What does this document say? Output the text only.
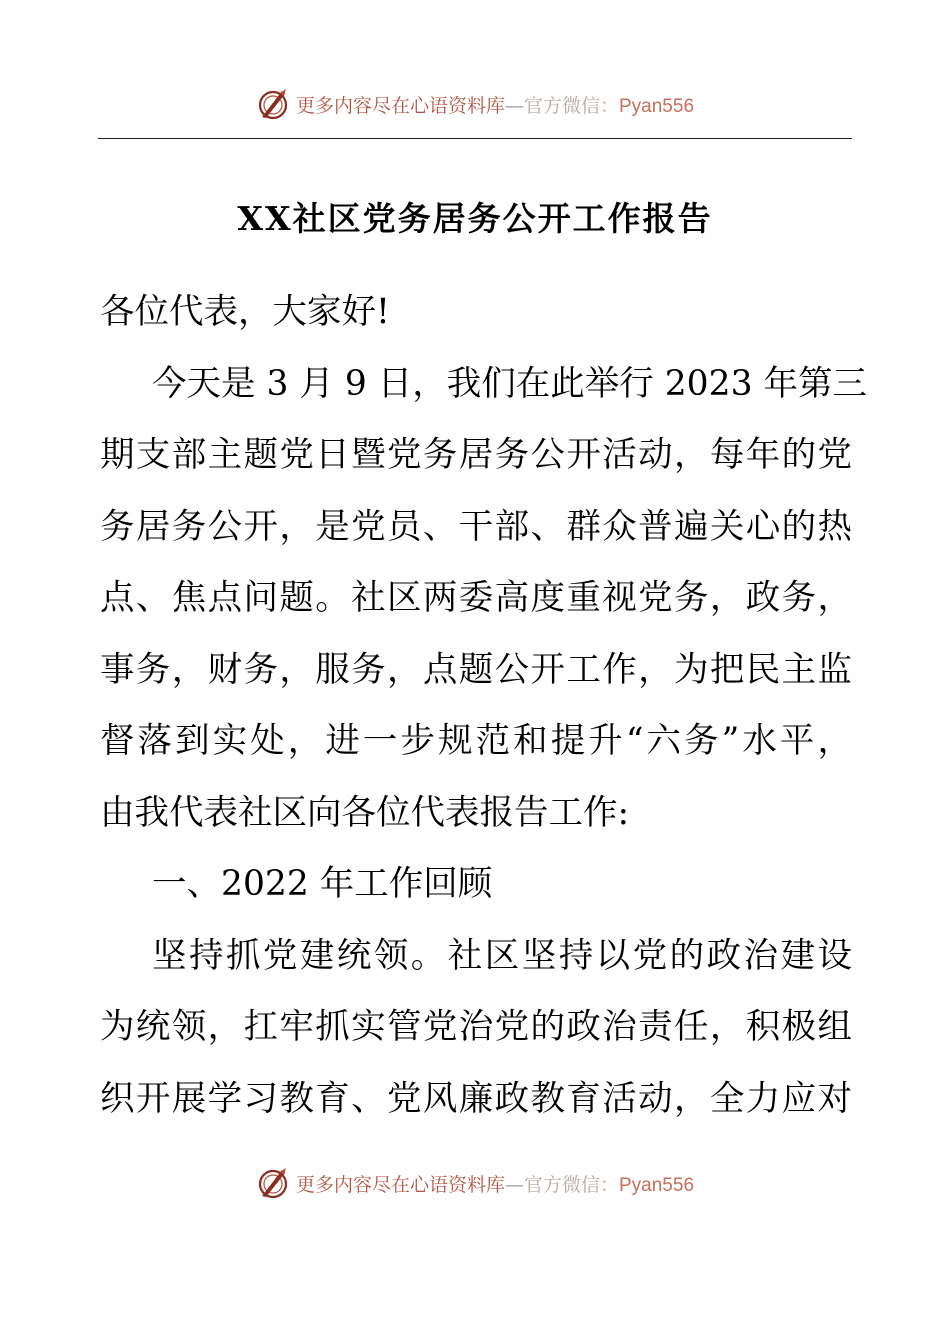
更多内容尽在心语资料库—官方微信：Pyan556
XX社区党务居务公开工作报告
各位代表，大家好!
今天是 3 月 9 日，我们在此举行 2023 年第三
期支部主题党日暨党务居务公开活动，每年的党
务居务公开，是党员、干部、群众普遍关心的热
点、焦点问题。社区两委高度重视党务，政务，
事务，财务，服务，点题公开工作，为把民主监
督落到实处，进一步规范和提升“六务”水平，
由我代表社区向各位代表报告工作:
一、2022 年工作回顾
坚持抓党建统领。社区坚持以党的政治建设
为统领，扛牢抓实管党治党的政治责任，积极组
织开展学习教育、党风廉政教育活动，全力应对
更多内容尽在心语资料库—官方微信：Pyan556
